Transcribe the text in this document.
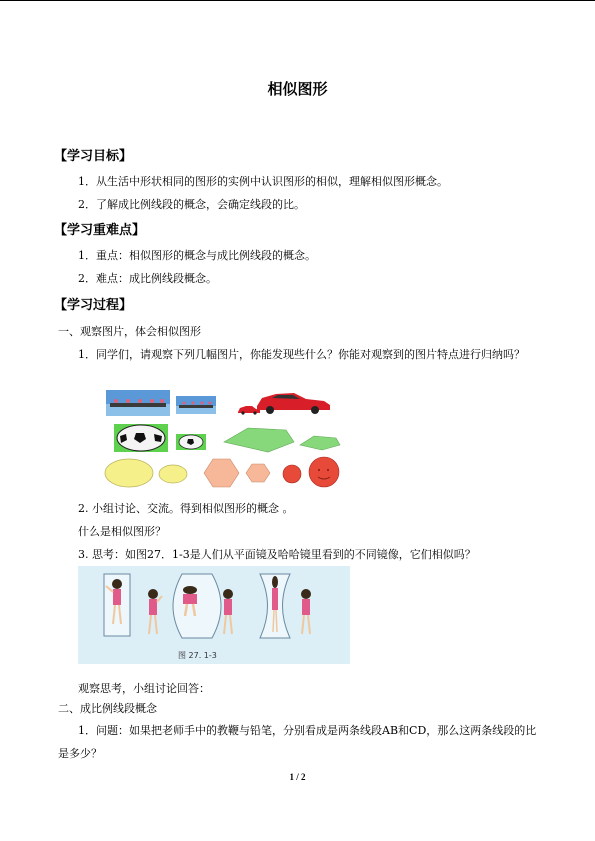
相似图形
【学习目标】
1．从生活中形状相同的图形的实例中认识图形的相似，理解相似图形概念。
2．了解成比例线段的概念，会确定线段的比。
【学习重难点】
1．重点：相似图形的概念与成比例线段的概念。
2．难点：成比例线段概念。
【学习过程】
一、观察图片，体会相似图形
1．同学们，请观察下列几幅图片，你能发现些什么？你能对观察到的图片特点进行归纳吗？
2. 小组讨论、交流。得到相似图形的概念 。
什么是相似图形？
3. 思考：如图27．1-3是人们从平面镜及哈哈镜里看到的不同镜像，它们相似吗？
图 27. 1-3
观察思考，小组讨论回答：
二、成比例线段概念
1．问题：如果把老师手中的教鞭与铅笔，分别看成是两条线段AB和CD，那么这两条线段的比是多少？
1 / 2
